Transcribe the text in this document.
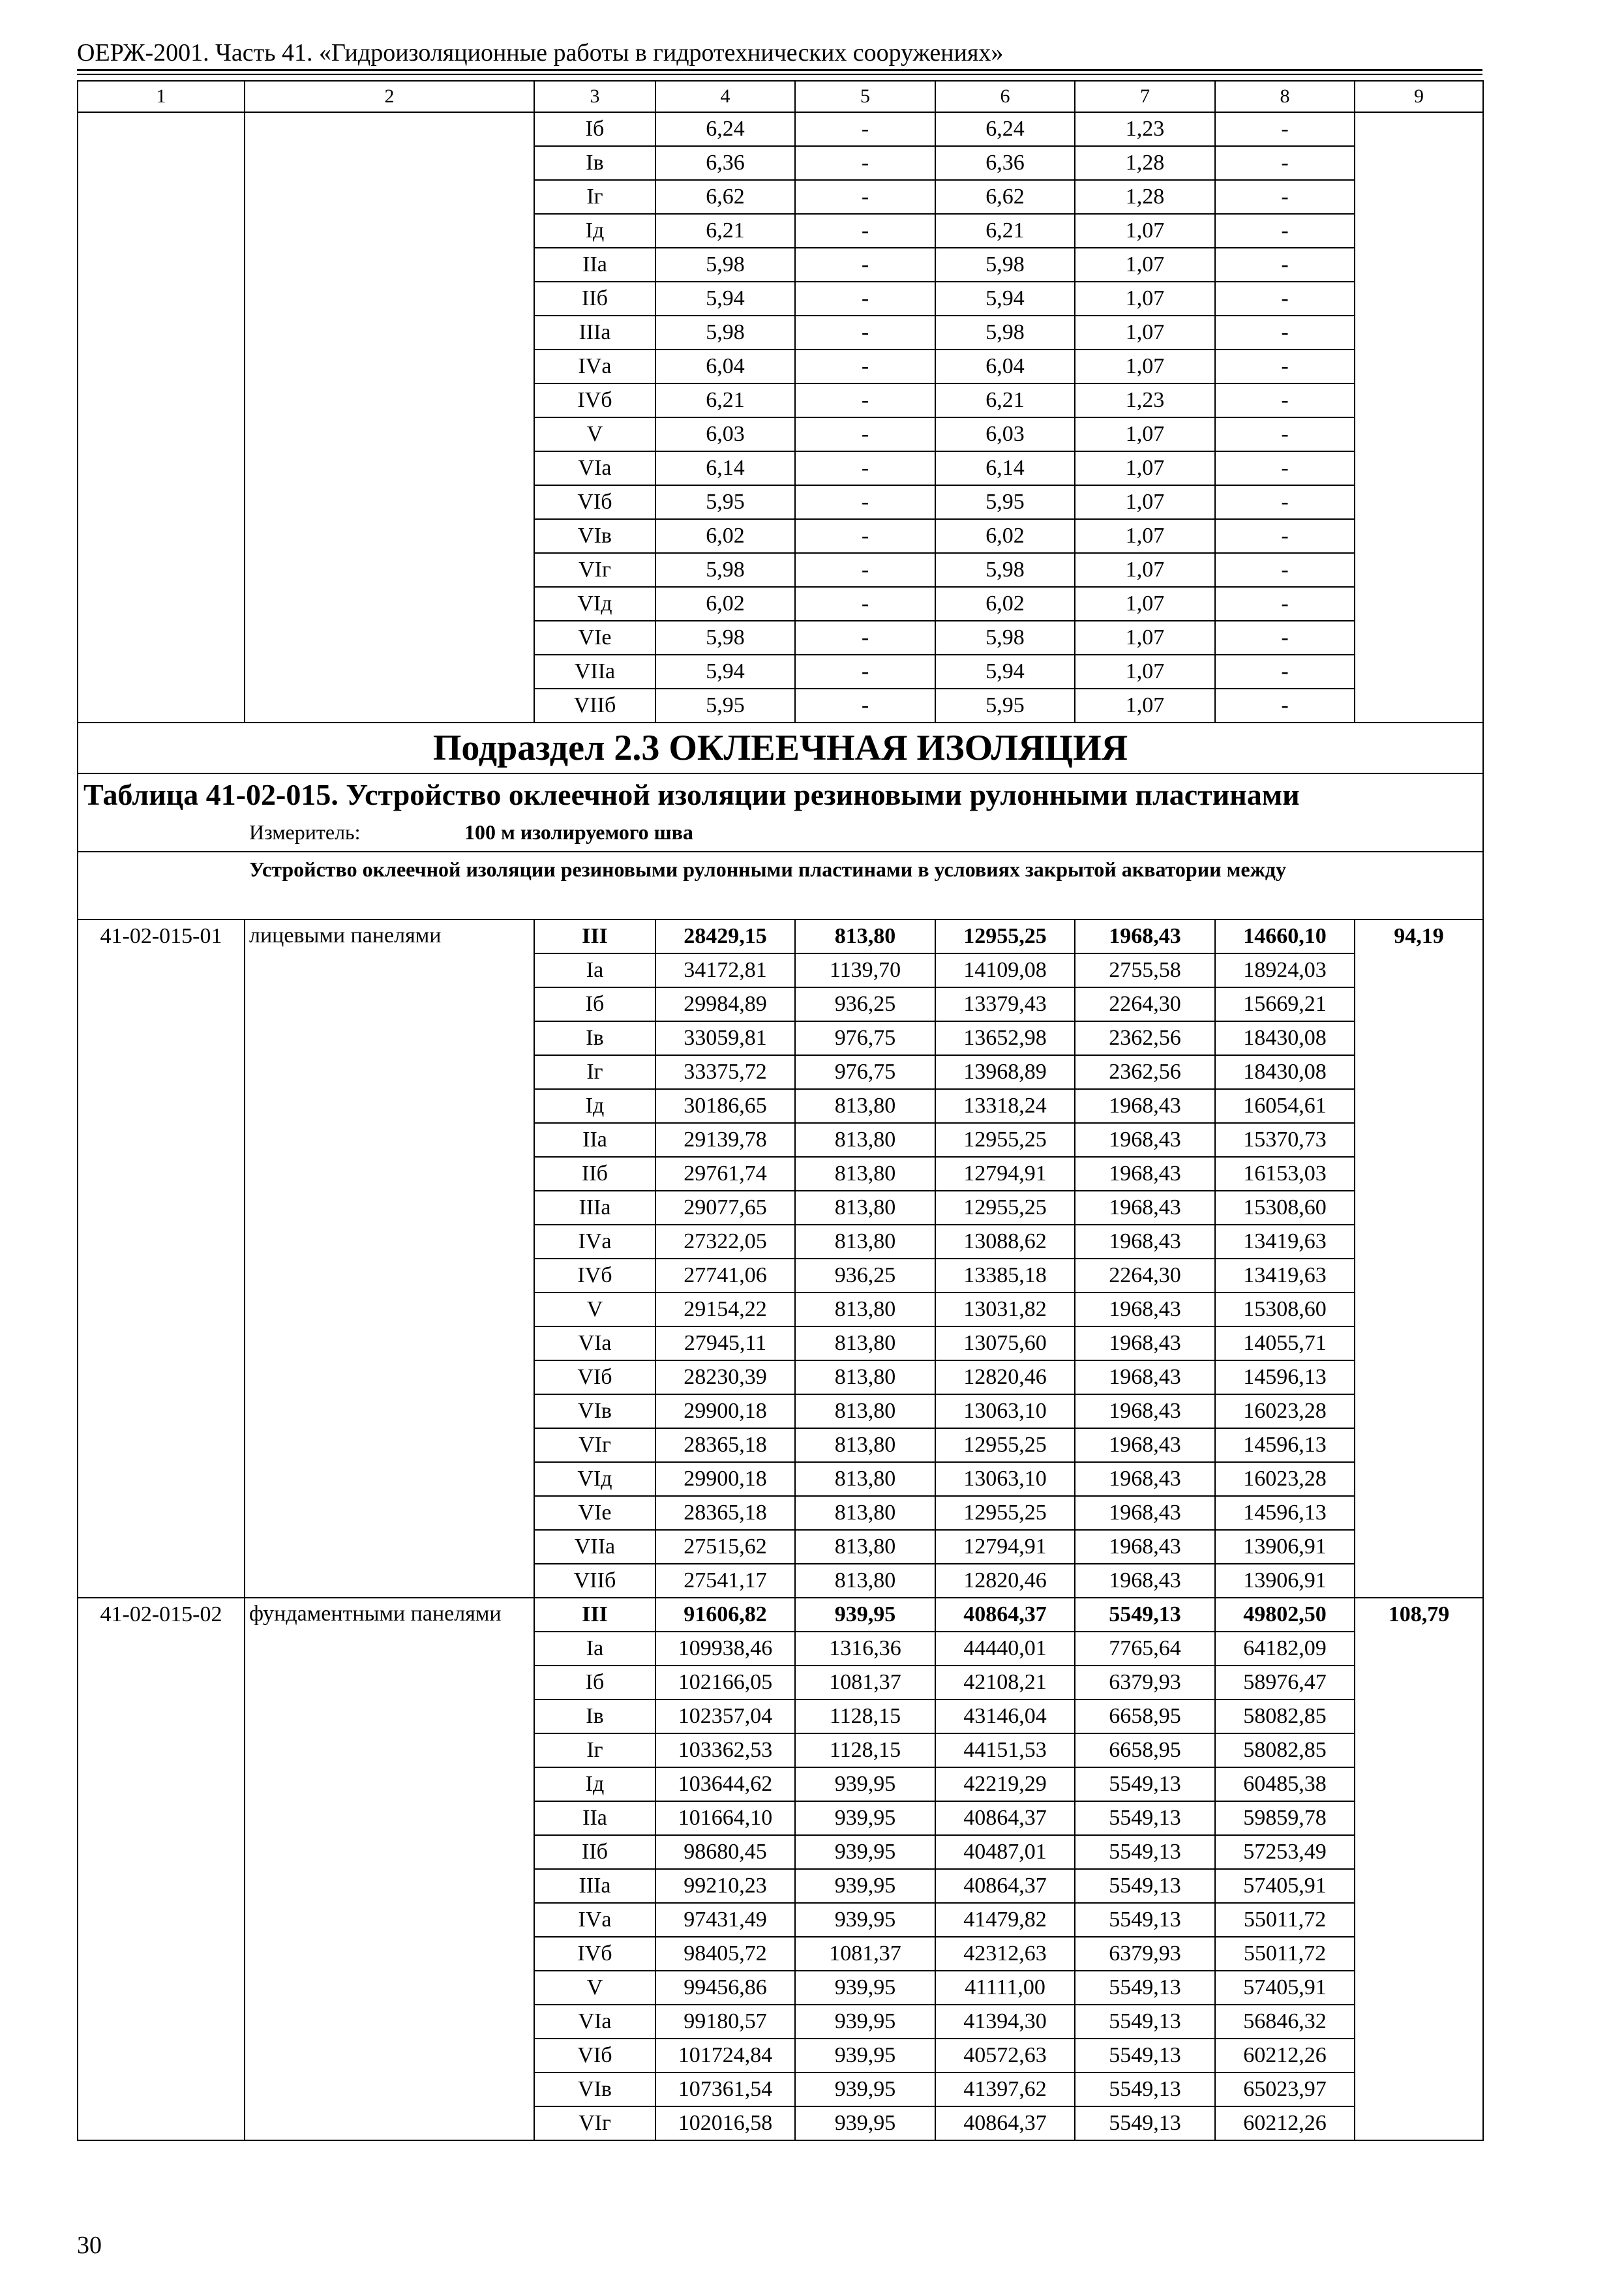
ОЕРЖ-2001. Часть 41. «Гидроизоляционные работы в гидротехнических сооружениях»
1	2	3	4	5	6	7	8	9
		Iб	6,24	-	6,24	1,23	-	
		Iв	6,36	-	6,36	1,28	-	
		Iг	6,62	-	6,62	1,28	-	
		Iд	6,21	-	6,21	1,07	-	
		IIа	5,98	-	5,98	1,07	-	
		IIб	5,94	-	5,94	1,07	-	
		IIIа	5,98	-	5,98	1,07	-	
		IVа	6,04	-	6,04	1,07	-	
		IVб	6,21	-	6,21	1,23	-	
		V	6,03	-	6,03	1,07	-	
		VIа	6,14	-	6,14	1,07	-	
		VIб	5,95	-	5,95	1,07	-	
		VIв	6,02	-	6,02	1,07	-	
		VIг	5,98	-	5,98	1,07	-	
		VIд	6,02	-	6,02	1,07	-	
		VIе	5,98	-	5,98	1,07	-	
		VIIа	5,94	-	5,94	1,07	-	
		VIIб	5,95	-	5,95	1,07	-	
Подраздел 2.3 ОКЛЕЕЧНАЯ ИЗОЛЯЦИЯ								

Таблица 41-02-015. Устройство оклеечной изоляции резиновыми рулонными пластинами
Измеритель: 100 м изолируемого шва								

Устройство оклеечной изоляции резиновыми рулонными пластинами в условиях закрытой акватории между								
41-02-015-01	лицевыми панелями	III	28429,15	813,80	12955,25	1968,43	14660,10	94,19
		Iа	34172,81	1139,70	14109,08	2755,58	18924,03	
		Iб	29984,89	936,25	13379,43	2264,30	15669,21	
		Iв	33059,81	976,75	13652,98	2362,56	18430,08	
		Iг	33375,72	976,75	13968,89	2362,56	18430,08	
		Iд	30186,65	813,80	13318,24	1968,43	16054,61	
		IIа	29139,78	813,80	12955,25	1968,43	15370,73	
		IIб	29761,74	813,80	12794,91	1968,43	16153,03	
		IIIа	29077,65	813,80	12955,25	1968,43	15308,60	
		IVа	27322,05	813,80	13088,62	1968,43	13419,63	
		IVб	27741,06	936,25	13385,18	2264,30	13419,63	
		V	29154,22	813,80	13031,82	1968,43	15308,60	
		VIа	27945,11	813,80	13075,60	1968,43	14055,71	
		VIб	28230,39	813,80	12820,46	1968,43	14596,13	
		VIв	29900,18	813,80	13063,10	1968,43	16023,28	
		VIг	28365,18	813,80	12955,25	1968,43	14596,13	
		VIд	29900,18	813,80	13063,10	1968,43	16023,28	
		VIе	28365,18	813,80	12955,25	1968,43	14596,13	
		VIIа	27515,62	813,80	12794,91	1968,43	13906,91	
		VIIб	27541,17	813,80	12820,46	1968,43	13906,91	
41-02-015-02	фундаментными панелями	III	91606,82	939,95	40864,37	5549,13	49802,50	108,79
		Iа	109938,46	1316,36	44440,01	7765,64	64182,09	
		Iб	102166,05	1081,37	42108,21	6379,93	58976,47	
		Iв	102357,04	1128,15	43146,04	6658,95	58082,85	
		Iг	103362,53	1128,15	44151,53	6658,95	58082,85	
		Iд	103644,62	939,95	42219,29	5549,13	60485,38	
		IIа	101664,10	939,95	40864,37	5549,13	59859,78	
		IIб	98680,45	939,95	40487,01	5549,13	57253,49	
		IIIа	99210,23	939,95	40864,37	5549,13	57405,91	
		IVа	97431,49	939,95	41479,82	5549,13	55011,72	
		IVб	98405,72	1081,37	42312,63	6379,93	55011,72	
		V	99456,86	939,95	41111,00	5549,13	57405,91	
		VIа	99180,57	939,95	41394,30	5549,13	56846,32	
		VIб	101724,84	939,95	40572,63	5549,13	60212,26	
		VIв	107361,54	939,95	41397,62	5549,13	65023,97	
		VIг	102016,58	939,95	40864,37	5549,13	60212,26	
30
